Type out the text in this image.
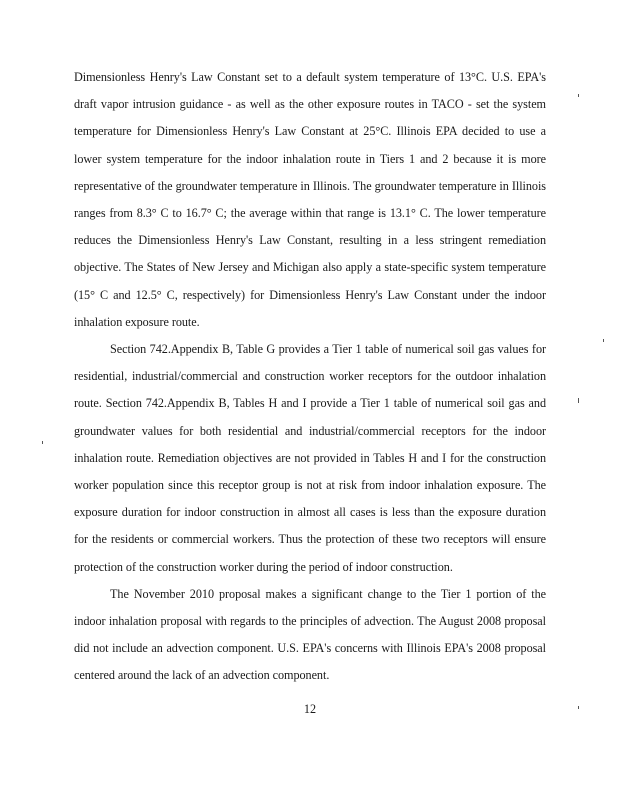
Dimensionless Henry's Law Constant set to a default system temperature of 13°C. U.S. EPA's draft vapor intrusion guidance - as well as the other exposure routes in TACO - set the system temperature for Dimensionless Henry's Law Constant at 25°C. Illinois EPA decided to use a lower system temperature for the indoor inhalation route in Tiers 1 and 2 because it is more representative of the groundwater temperature in Illinois. The groundwater temperature in Illinois ranges from 8.3° C to 16.7° C; the average within that range is 13.1° C. The lower temperature reduces the Dimensionless Henry's Law Constant, resulting in a less stringent remediation objective. The States of New Jersey and Michigan also apply a state-specific system temperature (15° C and 12.5° C, respectively) for Dimensionless Henry's Law Constant under the indoor inhalation exposure route.

Section 742.Appendix B, Table G provides a Tier 1 table of numerical soil gas values for residential, industrial/commercial and construction worker receptors for the outdoor inhalation route. Section 742.Appendix B, Tables H and I provide a Tier 1 table of numerical soil gas and groundwater values for both residential and industrial/commercial receptors for the indoor inhalation route. Remediation objectives are not provided in Tables H and I for the construction worker population since this receptor group is not at risk from indoor inhalation exposure. The exposure duration for indoor construction in almost all cases is less than the exposure duration for the residents or commercial workers. Thus the protection of these two receptors will ensure protection of the construction worker during the period of indoor construction.

The November 2010 proposal makes a significant change to the Tier 1 portion of the indoor inhalation proposal with regards to the principles of advection. The August 2008 proposal did not include an advection component. U.S. EPA's concerns with Illinois EPA's 2008 proposal centered around the lack of an advection component.

12
